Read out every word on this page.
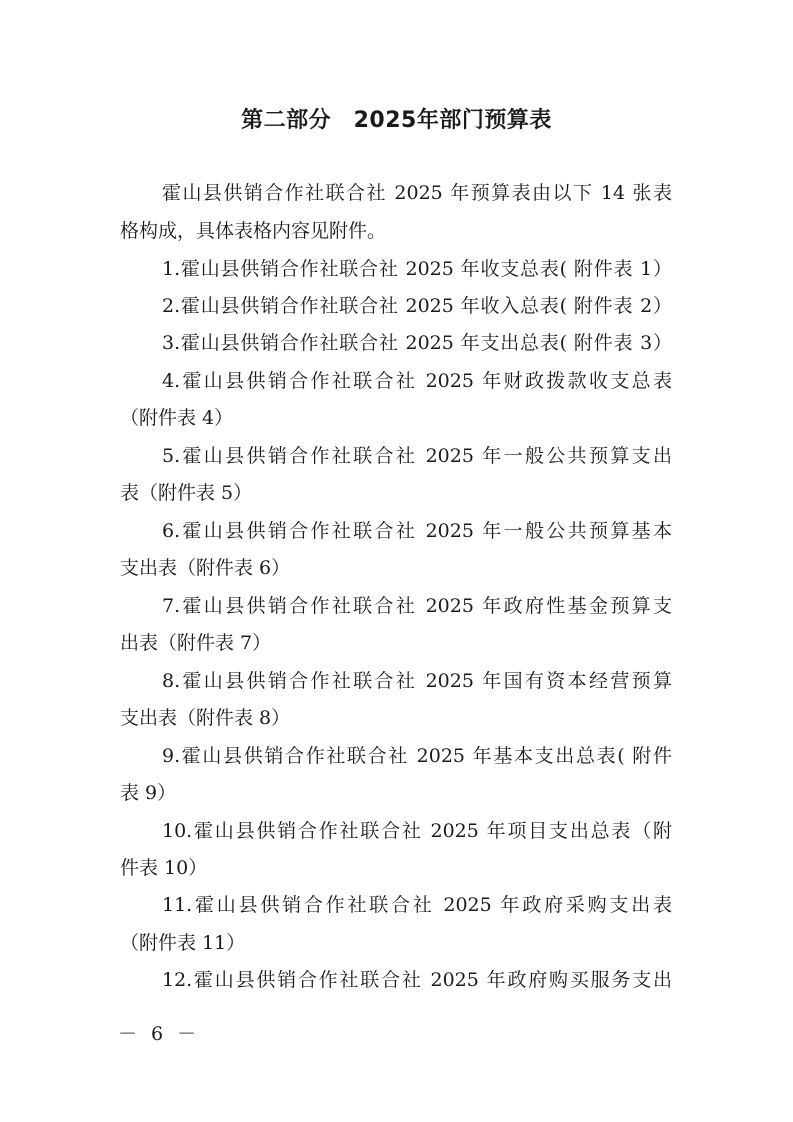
第二部分　2025年部门预算表
霍山县供销合作社联合社 2025 年预算表由以下 14 张表
格构成，具体表格内容见附件。
1.霍山县供销合作社联合社 2025 年收支总表( 附件表 1）
2.霍山县供销合作社联合社 2025 年收入总表( 附件表 2）
3.霍山县供销合作社联合社 2025 年支出总表( 附件表 3）
4.霍山县供销合作社联合社 2025 年财政拨款收支总表
（附件表 4）
5.霍山县供销合作社联合社 2025 年一般公共预算支出
表（附件表 5）
6.霍山县供销合作社联合社 2025 年一般公共预算基本
支出表（附件表 6）
7.霍山县供销合作社联合社 2025 年政府性基金预算支
出表（附件表 7）
8.霍山县供销合作社联合社 2025 年国有资本经营预算
支出表（附件表 8）
9.霍山县供销合作社联合社 2025 年基本支出总表( 附件
表 9）
10.霍山县供销合作社联合社 2025 年项目支出总表（附
件表 10）
11.霍山县供销合作社联合社 2025 年政府采购支出表
（附件表 11）
12.霍山县供销合作社联合社 2025 年政府购买服务支出
－ 6 －
